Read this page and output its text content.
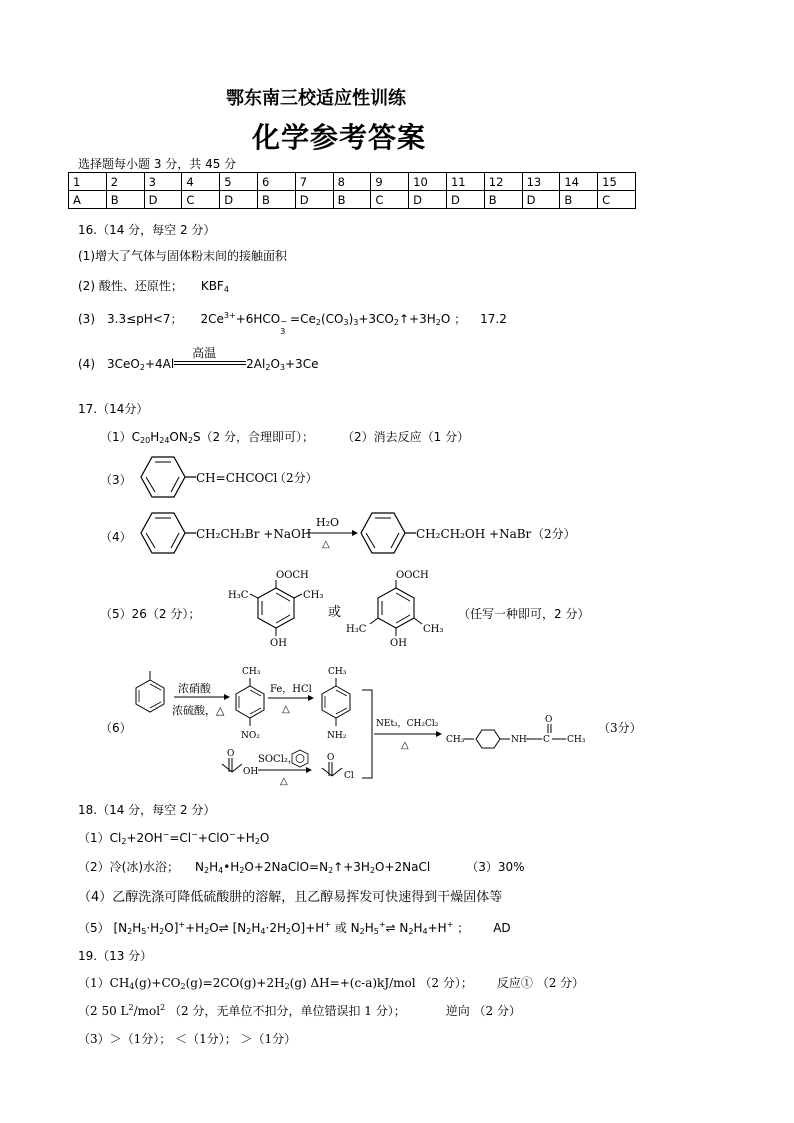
鄂东南三校适应性训练
化学参考答案
选择题每小题 3 分，共 45 分
1	2	3	4	5	6	7	8	9	10	11	12	13	14	15
A	B	D	C	D	B	D	B	C	D	D	B	D	B	C
16.（14 分，每空 2 分）
(1)增大了气体与固体粉末间的接触面积
(2) 酸性、还原性； $KBF_4$
(3) 3.3≤pH<7； $2Ce^{3+}+6HCO$ −
3
$=Ce_2(CO_3)_3+3CO_2↑+3H_2O$ ； 17.2
(4) 3CeO$_2$+4Al
高温
$2Al_2O_3+3Ce$
17.（14分）
$(1)C_{20}H_{24}ON_2S(2$ 分，合理即可）； （2）消去反应（1 分）
（3）	CH=CHCOCl
（2分）
（4）	CH₂CH₂Br +NaOH
H₂O
△
CH₂CH₂OH +NaBr （2分）
（5）26（2 分）；
OOCH
H₃C	CH₃
OH
或
OOCH
H₃C	CH₃
OH
（任写一种即可，2 分）
（6）
浓硝酸
浓硫酸，△
CH₃
NO₂
Fe，HCl
△
CH₃
NH₂
O
OH
SOCl₂，
△
O
Cl
NEt₃，CH₂Cl₂
△	CH₃	NH C
O
CH₃
（3分）
18.（14 分，每空 2 分）
$(1)Cl_2+2OH^-=Cl^-+ClO^-+H_2O$
（2）冷(冰)水浴； $N_2H_4•H_2O+2NaClO=N_2↑+3H_2O+2NaCl$	（3）30%
（4）乙醇洗涤可降低硫酸肼的溶解，且乙醇易挥发可快速得到干燥固体等
（5） $[N_2H_5\cdot H_2O]^++H_2O\rightleftharpoons$ $[N_2H_4\cdot 2H_2O]+H^+$ 或 $N_2H_5^+\rightleftharpoons$ $N_2H_4+H^+$ ； AD
19.（13 分）
$(1)CH_4(g)+CO_2(g)=2CO(g)+2H_2(g)$ ΔH=+(c-a)kJ/mol （2 分）； 反应① （2 分）
（2 50 $L^2/mol^2$ （2 分，无单位不扣分，单位错误扣 1 分）；	逆向 （2 分）
（3）＞（1分）； ＜（1分）； ＞（1分）
